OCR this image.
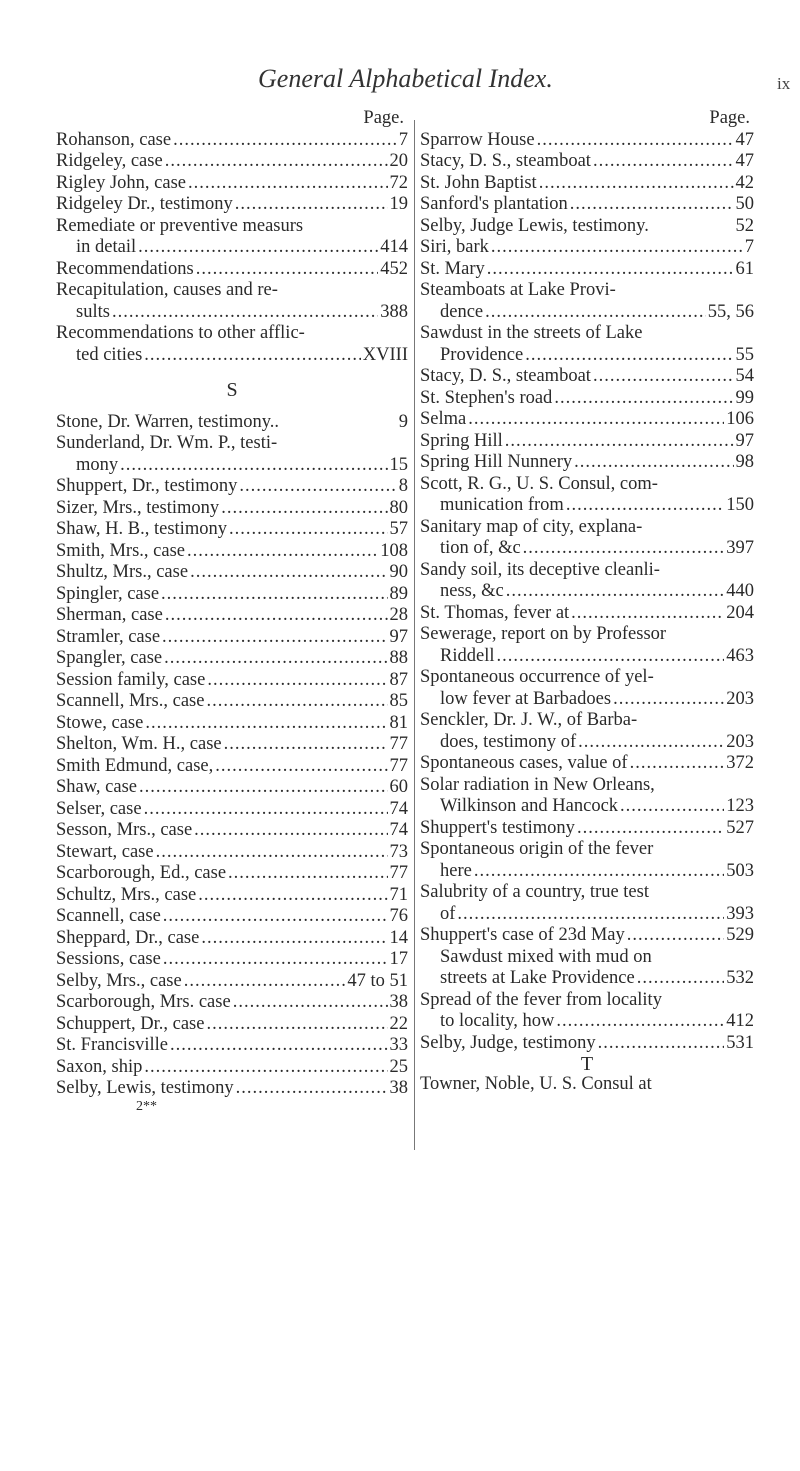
General Alphabetical Index.	ix
Page.
Rohanson, case .....	7
Ridgeley, case .....	20
Rigley John, case .....	72
Ridgeley Dr., testimony .....	19
Remediate or preventive measurs
in detail .....	414
Recommendations .....	452
Recapitulation, causes and re-
sults .....	388
Recommendations to other afflic-
ted cities .....	XVIII
S
Stone, Dr. Warren, testimony..	9
Sunderland, Dr. Wm. P., testi-
mony .....	15
Shuppert, Dr., testimony .....	8
Sizer, Mrs., testimony .....	80
Shaw, H. B., testimony .....	57
Smith, Mrs., case .....	108
Shultz, Mrs., case .....	90
Spingler, case .....	89
Sherman, case .....	28
Stramler, case .....	97
Spangler, case .....	88
Session family, case .....	87
Scannell, Mrs., case .....	85
Stowe, case .....	81
Shelton, Wm. H., case .....	77
Smith Edmund, case, .....	77
Shaw, case .....	60
Selser, case .....	74
Sesson, Mrs., case .....	74
Stewart, case .....	73
Scarborough, Ed., case .....	77
Schultz, Mrs., case .....	71
Scannell, case .....	76
Sheppard, Dr., case .....	14
Sessions, case .....	17
Selby, Mrs., case .....	47 to 51
Scarborough, Mrs. case .....	38
Schuppert, Dr., case .....	22
St. Francisville .....	33
Saxon, ship .....	25
Selby, Lewis, testimony .....	38
2**
Page.
Sparrow House .....	47
Stacy, D. S., steamboat .....	47
St. John Baptist .....	42
Sanford's plantation .....	50
Selby, Judge Lewis, testimony.	52
Siri, bark .....	7
St. Mary .....	61
Steamboats at Lake Provi-
dence .....	55, 56
Sawdust in the streets of Lake
Providence .....	55
Stacy, D. S., steamboat .....	54
St. Stephen's road .....	99
Selma .....	106
Spring Hill .....	97
Spring Hill Nunnery .....	98
Scott, R. G., U. S. Consul, com-
munication from .....	150
Sanitary map of city, explana-
tion of, &c .....	397
Sandy soil, its deceptive cleanli-
ness, &c .....	440
St. Thomas, fever at .....	204
Sewerage, report on by Professor
Riddell .....	463
Spontaneous occurrence of yel-
low fever at Barbadoes .....	203
Senckler, Dr. J. W., of Barba-
does, testimony of .....	203
Spontaneous cases, value of .....	372
Solar radiation in New Orleans,
Wilkinson and Hancock .....	123
Shuppert's testimony .....	527
Spontaneous origin of the fever
here .....	503
Salubrity of a country, true test
of .....	393
Shuppert's case of 23d May .....	529
Sawdust mixed with mud on
streets at Lake Providence .....	532
Spread of the fever from locality
to locality, how .....	412
Selby, Judge, testimony .....	531
T
Towner, Noble, U. S. Consul at
